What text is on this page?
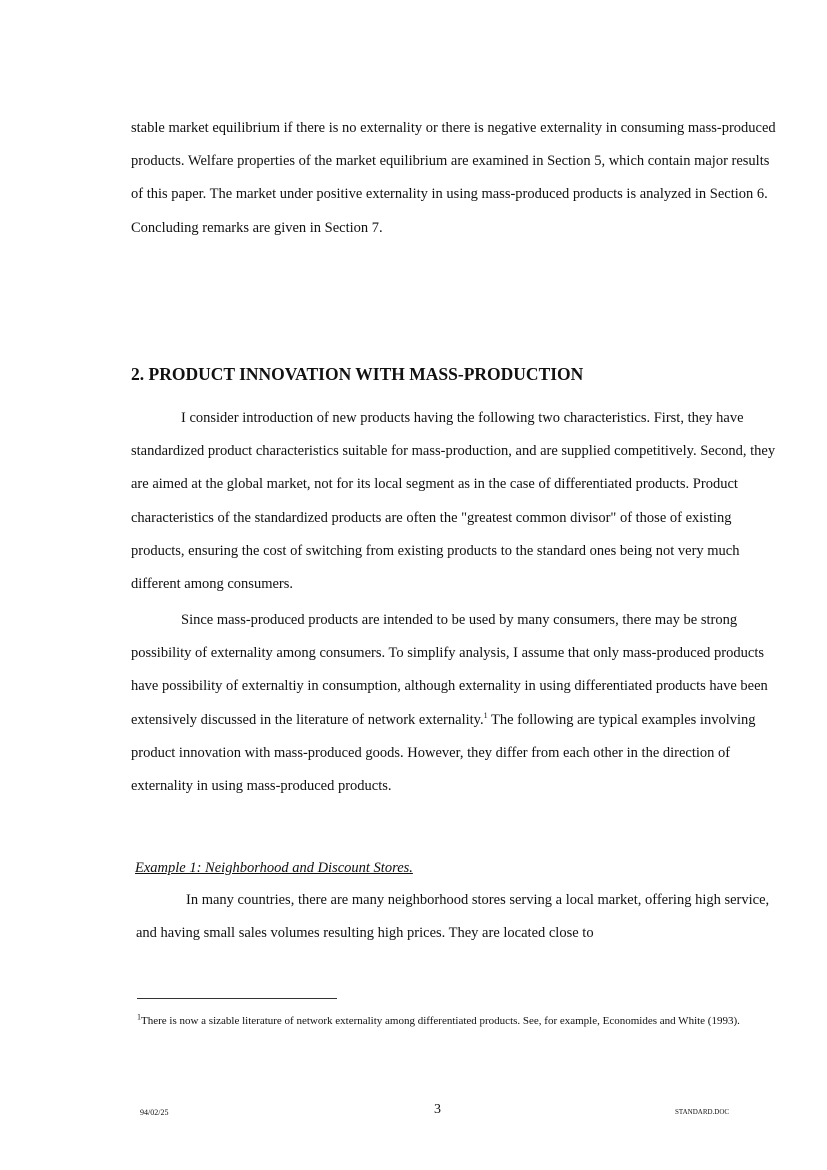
stable market equilibrium if there is no externality or there is negative externality in consuming mass-produced products. Welfare properties of the market equilibrium are examined in Section 5, which contain major results of this paper. The market under positive externality in using mass-produced products is analyzed in Section 6. Concluding remarks are given in Section 7.

2. PRODUCT INNOVATION WITH MASS-PRODUCTION

I consider introduction of new products having the following two characteristics. First, they have standardized product characteristics suitable for mass-production, and are supplied competitively. Second, they are aimed at the global market, not for its local segment as in the case of differentiated products. Product characteristics of the standardized products are often the "greatest common divisor" of those of existing products, ensuring the cost of switching from existing products to the standard ones being not very much different among consumers.

Since mass-produced products are intended to be used by many consumers, there may be strong possibility of externality among consumers. To simplify analysis, I assume that only mass-produced products have possibility of externaltiy in consumption, although externality in using differentiated products have been extensively discussed in the literature of network externality.$^1$ The following are typical examples involving product innovation with mass-produced goods. However, they differ from each other in the direction of externality in using mass-produced products.

Example 1: Neighborhood and Discount Stores.

In many countries, there are many neighborhood stores serving a local market, offering high service, and having small sales volumes resulting high prices. They are located close to

$^1$There is now a sizable literature of network externality among differentiated products. See, for example, Economides and White (1993).

94/02/25	3	STANDARD.DOC
